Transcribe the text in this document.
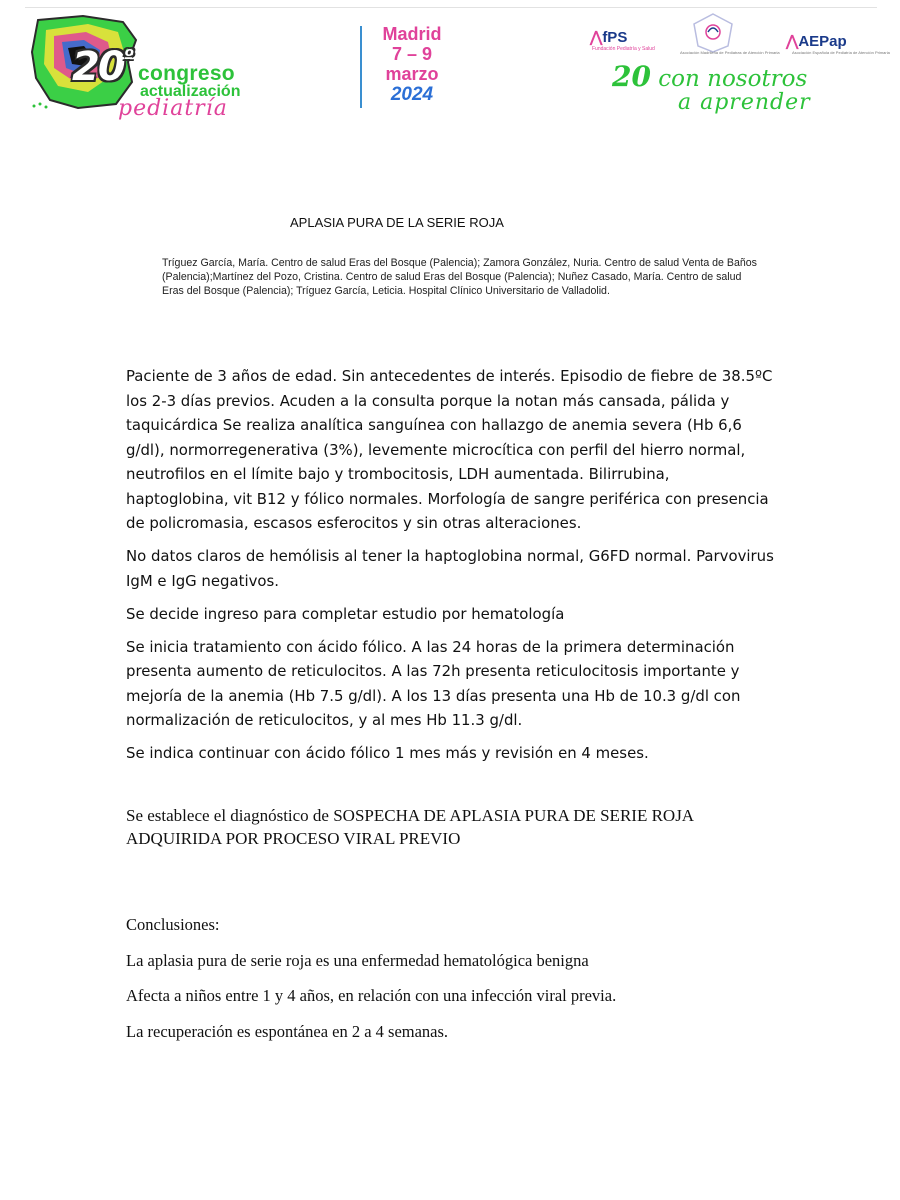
$20^º$
congreso
actualización
pediatría
Madrid
7 – 9
marzo
2024
⋀fPS
Fundación Pediatría y Salud
Asociación Madrileña de Pediatras de Atención Primaria
⋀AEPap
Asociación Española de Pediatría de Atención Primaria
20 con nosotros
a aprender
APLASIA PURA DE LA SERIE ROJA
Tríguez García, María. Centro de salud Eras del Bosque (Palencia); Zamora González, Nuria. Centro de salud Venta de Baños (Palencia);Martínez del Pozo, Cristina. Centro de salud Eras del Bosque (Palencia); Nuñez Casado, María. Centro de salud Eras del Bosque (Palencia); Tríguez García, Leticia. Hospital Clínico Universitario de Valladolid.

Paciente de 3 años de edad. Sin antecedentes de interés. Episodio de fiebre de 38.5ºC los 2-3 días previos. Acuden a la consulta porque la notan más cansada, pálida y taquicárdica Se realiza analítica sanguínea con hallazgo de anemia severa (Hb 6,6 g/dl), normorregenerativa (3%), levemente microcítica con perfil del hierro normal, neutrofilos en el límite bajo y trombocitosis, LDH aumentada. Bilirrubina, haptoglobina, vit B12 y fólico normales. Morfología de sangre periférica con presencia de policromasia, escasos esferocitos y sin otras alteraciones.

No datos claros de hemólisis al tener la haptoglobina normal, G6FD normal. Parvovirus IgM e IgG negativos.

Se decide ingreso para completar estudio por hematología

Se inicia tratamiento con ácido fólico. A las 24 horas de la primera determinación presenta aumento de reticulocitos. A las 72h presenta reticulocitosis importante y mejoría de la anemia (Hb 7.5 g/dl). A los 13 días presenta una Hb de 10.3 g/dl con normalización de reticulocitos, y al mes Hb 11.3 g/dl.

Se indica continuar con ácido fólico 1 mes más y revisión en 4 meses.

Se establece el diagnóstico de SOSPECHA DE APLASIA PURA DE SERIE ROJA ADQUIRIDA POR PROCESO VIRAL PREVIO

Conclusiones:

La aplasia pura de serie roja es una enfermedad hematológica benigna

Afecta a niños entre 1 y 4 años, en relación con una infección viral previa.

La recuperación es espontánea en 2 a 4 semanas.
